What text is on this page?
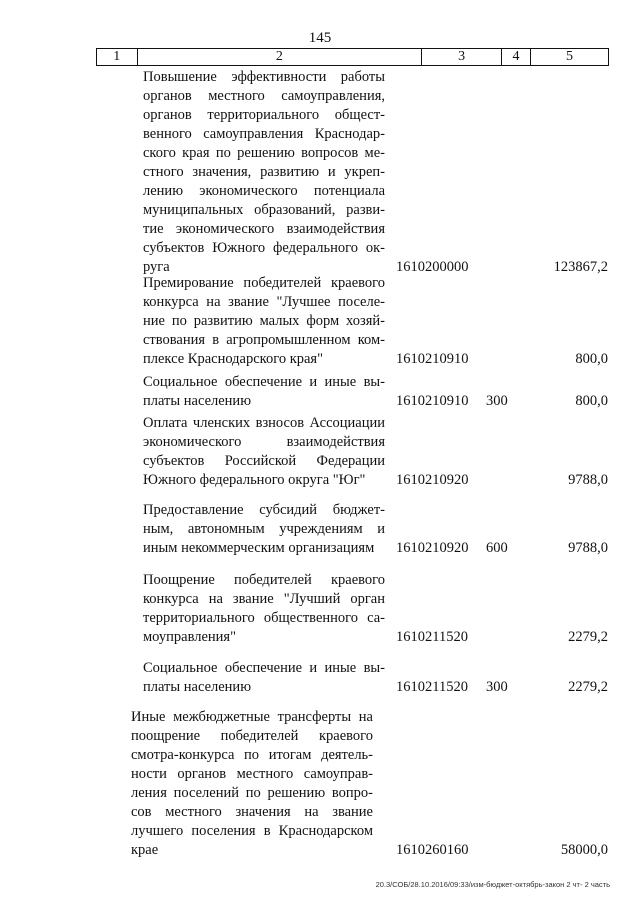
145
1	2	3	4	5
Повышение эффективности работы
органов местного самоуправления,
органов территориального общест-
венного самоуправления Краснодар-
ского края по решению вопросов ме-
стного значения, развитию и укреп-
лению экономического потенциала
муниципальных образований, разви-
тие экономического взаимодействия
субъектов Южного федерального ок-
руга	1610200000	123867,2
Премирование победителей краевого
конкурса на звание "Лучшее поселе-
ние по развитию малых форм хозяй-
ствования в агропромышленном ком-
плексе Краснодарского края"	1610210910	800,0
Социальное обеспечение и иные вы-
платы населению	1610210910 300	800,0
Оплата членских взносов Ассоциации
экономического взаимодействия
субъектов Российской Федерации
Южного федерального округа "Юг"	1610210920	9788,0
Предоставление субсидий бюджет-
ным, автономным учреждениям и
иным некоммерческим организациям	1610210920 600	9788,0
Поощрение победителей краевого
конкурса на звание "Лучший орган
территориального общественного са-
моуправления"	1610211520	2279,2
Социальное обеспечение и иные вы-
платы населению	1610211520 300	2279,2
Иные межбюджетные трансферты на
поощрение победителей краевого
смотра-конкурса по итогам деятель-
ности органов местного самоуправ-
ления поселений по решению вопро-
сов местного значения на звание
лучшего поселения в Краснодарском
крае	1610260160	58000,0
20.3/СОБ/28.10.2016/09:33/изм-бюджет-октябрь-закон 2 чт- 2 часть
